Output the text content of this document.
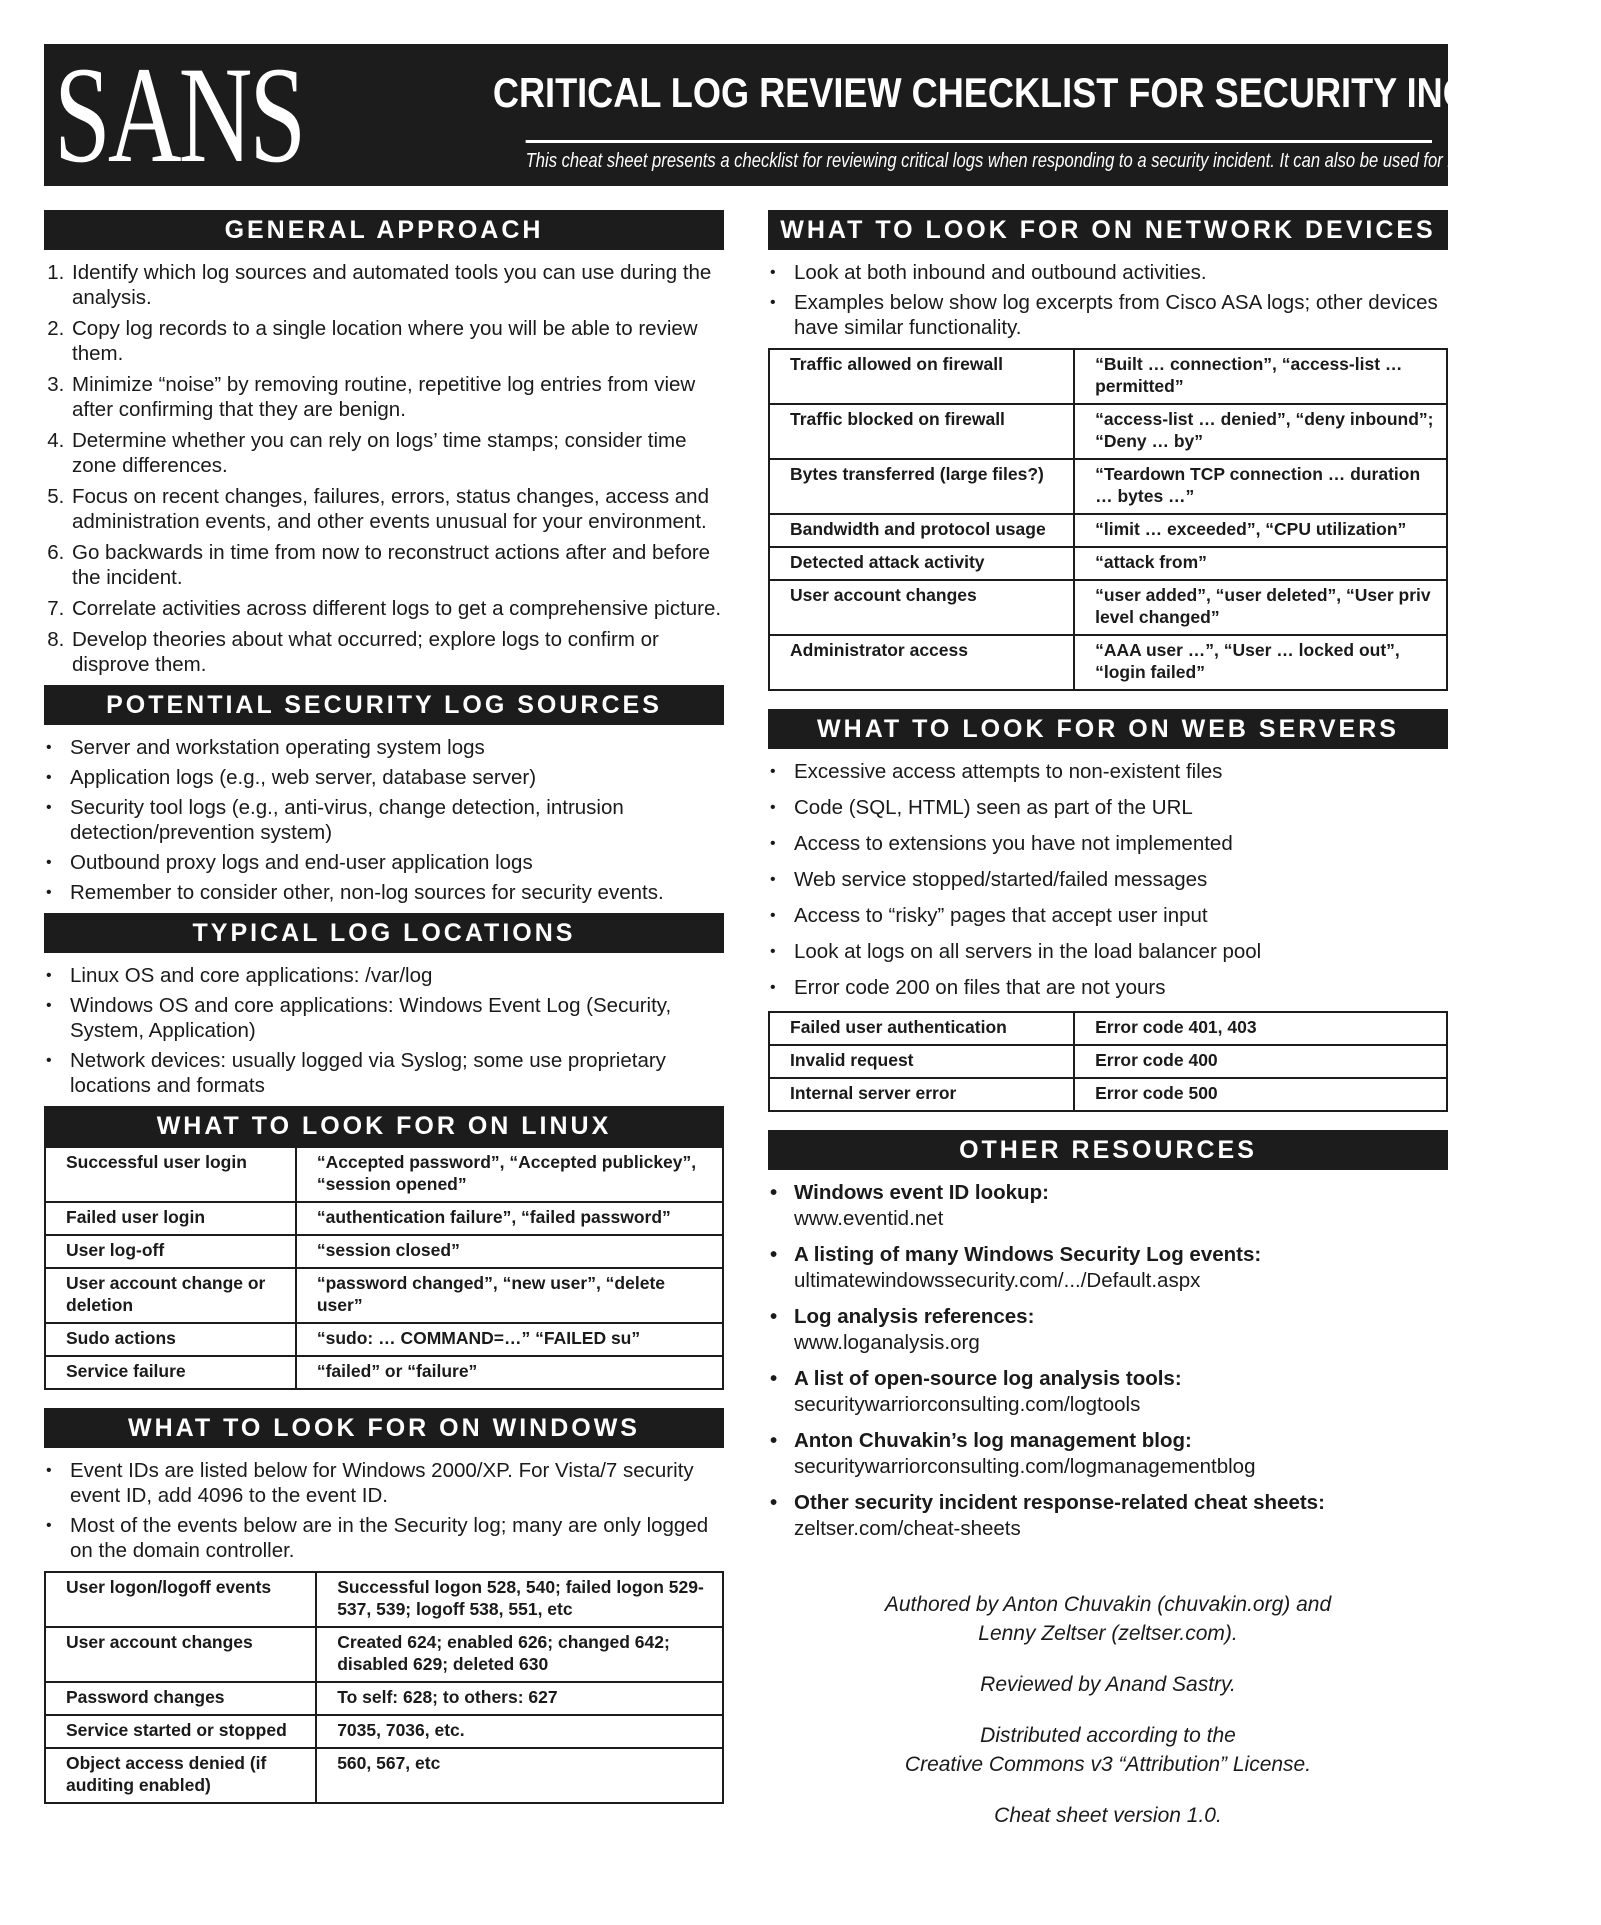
SANS	CRITICAL LOG REVIEW CHECKLIST FOR SECURITY INCIDENTS
This cheat sheet presents a checklist for reviewing critical logs when responding to a security incident. It can also be used for routine log review.
GENERAL APPROACH
1. Identify which log sources and automated tools you can use during the analysis.
2. Copy log records to a single location where you will be able to review them.
3. Minimize “noise” by removing routine, repetitive log entries from view after confirming that they are benign.
4. Determine whether you can rely on logs’ time stamps; consider time zone differences.
5. Focus on recent changes, failures, errors, status changes, access and administration events, and other events unusual for your environment.
6. Go backwards in time from now to reconstruct actions after and before the incident.
7. Correlate activities across different logs to get a comprehensive picture.
8. Develop theories about what occurred; explore logs to confirm or disprove them.
POTENTIAL SECURITY LOG SOURCES
• Server and workstation operating system logs
• Application logs (e.g., web server, database server)
• Security tool logs (e.g., anti-virus, change detection, intrusion detection/prevention system)
• Outbound proxy logs and end-user application logs
• Remember to consider other, non-log sources for security events.
TYPICAL LOG LOCATIONS
• Linux OS and core applications: /var/log
• Windows OS and core applications: Windows Event Log (Security, System, Application)
• Network devices: usually logged via Syslog; some use proprietary locations and formats
WHAT TO LOOK FOR ON LINUX
Successful user login	“Accepted password”, “Accepted publickey”, “session opened”
Failed user login	“authentication failure”, “failed password”
User log-off	“session closed”
User account change or deletion	“password changed”, “new user”, “delete user”
Sudo actions	“sudo: … COMMAND=…” “FAILED su”
Service failure	“failed” or “failure”
WHAT TO LOOK FOR ON WINDOWS
• Event IDs are listed below for Windows 2000/XP. For Vista/7 security event ID, add 4096 to the event ID.
• Most of the events below are in the Security log; many are only logged on the domain controller.
User logon/logoff events	Successful logon 528, 540; failed logon 529-537, 539; logoff 538, 551, etc
User account changes	Created 624; enabled 626; changed 642; disabled 629; deleted 630
Password changes	To self: 628; to others: 627
Service started or stopped	7035, 7036, etc.
Object access denied (if auditing enabled)	560, 567, etc
WHAT TO LOOK FOR ON NETWORK DEVICES
• Look at both inbound and outbound activities.
• Examples below show log excerpts from Cisco ASA logs; other devices have similar functionality.
Traffic allowed on firewall	“Built … connection”, “access-list … permitted”
Traffic blocked on firewall	“access-list … denied”, “deny inbound”; “Deny … by”
Bytes transferred (large files?)	“Teardown TCP connection … duration … bytes …”
Bandwidth and protocol usage	“limit … exceeded”, “CPU utilization”
Detected attack activity	“attack from”
User account changes	“user added”, “user deleted”, “User priv level changed”
Administrator access	“AAA user …”, “User … locked out”, “login failed”
WHAT TO LOOK FOR ON WEB SERVERS
• Excessive access attempts to non-existent files
• Code (SQL, HTML) seen as part of the URL
• Access to extensions you have not implemented
• Web service stopped/started/failed messages
• Access to “risky” pages that accept user input
• Look at logs on all servers in the load balancer pool
• Error code 200 on files that are not yours
Failed user authentication	Error code 401, 403
Invalid request	Error code 400
Internal server error	Error code 500
OTHER RESOURCES
• Windows event ID lookup:
www.eventid.net
• A listing of many Windows Security Log events:
ultimatewindowssecurity.com/.../Default.aspx
• Log analysis references:
www.loganalysis.org
• A list of open-source log analysis tools:
securitywarriorconsulting.com/logtools
• Anton Chuvakin’s log management blog:
securitywarriorconsulting.com/logmanagementblog
• Other security incident response-related cheat sheets:
zeltser.com/cheat-sheets

Authored by Anton Chuvakin (chuvakin.org) and
Lenny Zeltser (zeltser.com).

Reviewed by Anand Sastry.

Distributed according to the
Creative Commons v3 “Attribution” License.

Cheat sheet version 1.0.
